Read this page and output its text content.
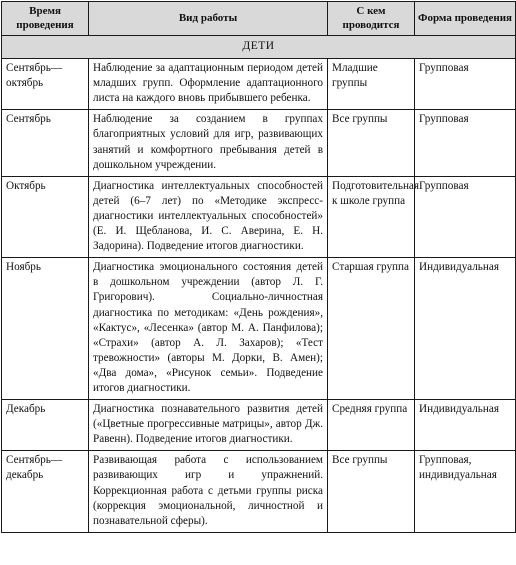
Время проведения	Вид работы	С кем проводится	Форма проведения
ДЕТИ			
Сентябрь—октябрь	Наблюдение за адаптационным периодом детей младших групп. Оформление адаптационного листа на каждого вновь прибывшего ребенка.	Младшие группы	Групповая
Сентябрь	Наблюдение за созданием в группах благоприятных условий для игр, развивающих занятий и комфортного пребывания детей в дошкольном учреждении.	Все группы	Групповая
Октябрь	Диагностика интеллектуальных способностей детей (6–7 лет) по «Методике экспресс-диагностики интеллектуальных способностей» (Е. И. Щебланова, И. С. Аверина, Е. Н. Задорина). Подведение итогов диагностики.	Подготовительная к школе группа	Групповая
Ноябрь	Диагностика эмоционального состояния детей в дошкольном учреждении (автор Л. Г. Григорович). Социально-личностная диагностика по методикам: «День рождения», «Кактус», «Лесенка» (автор М. А. Панфилова); «Страхи» (автор А. Л. Захаров); «Тест тревожности» (авторы М. Дорки, В. Амен); «Два дома», «Рисунок семьи». Подведение итогов диагностики.	Старшая группа	Индивидуальная
Декабрь	Диагностика познавательного развития детей («Цветные прогрессивные матрицы», автор Дж. Равенн). Подведение итогов диагностики.	Средняя группа	Индивидуальная
Сентябрь—декабрь	Развивающая работа с использованием развивающих игр и упражнений. Коррекционная работа с детьми группы риска (коррекция эмоциональной, личностной и познавательной сферы).	Все группы	Групповая, индивидуальная
